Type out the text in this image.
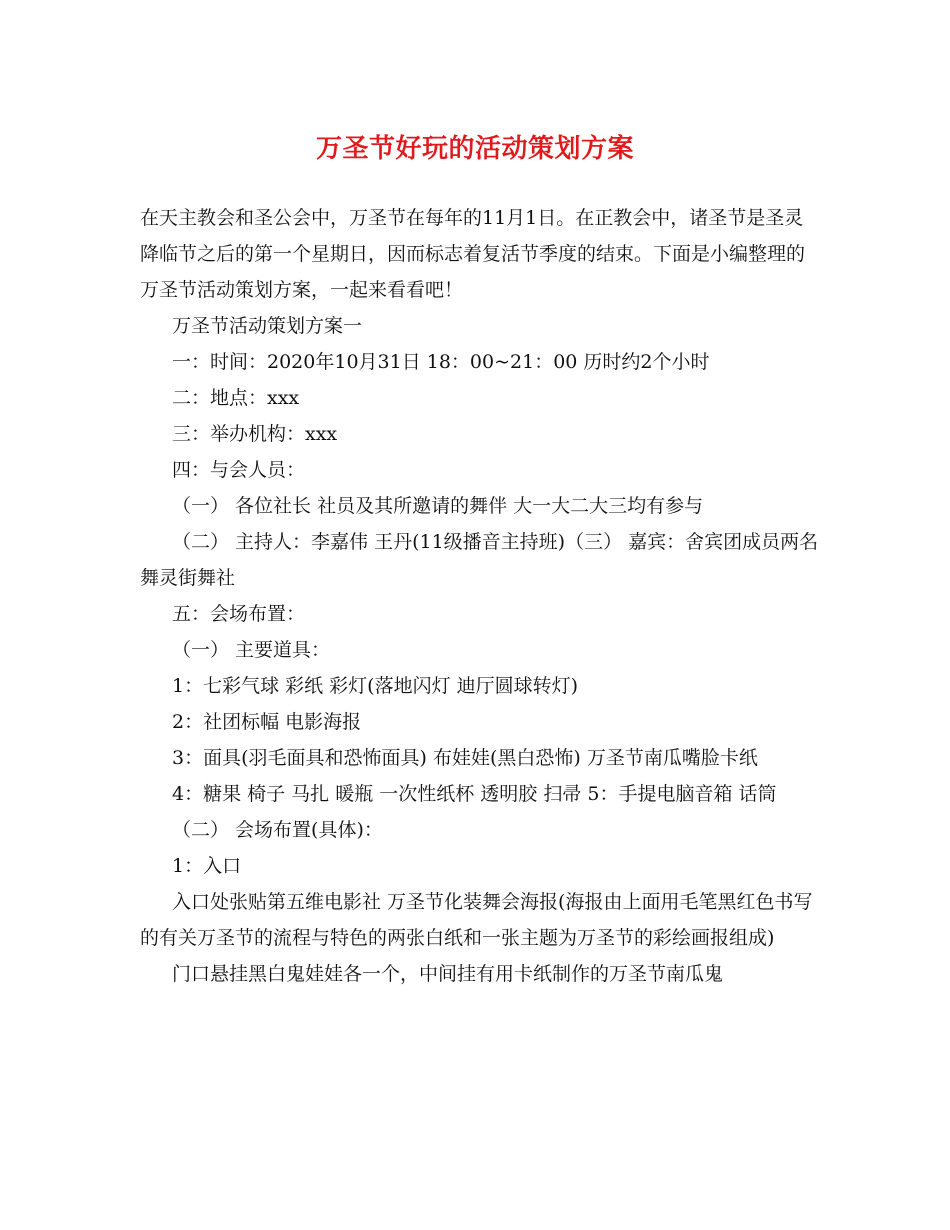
万圣节好玩的活动策划方案

在天主教会和圣公会中，万圣节在每年的11月1日。在正教会中，诸圣节是圣灵降临节之后的第一个星期日，因而标志着复活节季度的结束。下面是小编整理的万圣节活动策划方案，一起来看看吧！

万圣节活动策划方案一

一：时间：2020年10月31日 18：00~21：00 历时约2个小时

二：地点：xxx

三：举办机构：xxx

四：与会人员：

（一） 各位社长 社员及其所邀请的舞伴 大一大二大三均有参与

（二） 主持人：李嘉伟 王丹(11级播音主持班)（三） 嘉宾：舍宾团成员两名 舞灵街舞社

五：会场布置：

（一） 主要道具：

1：七彩气球 彩纸 彩灯(落地闪灯 迪厅圆球转灯)

2：社团标幅 电影海报

3：面具(羽毛面具和恐怖面具) 布娃娃(黑白恐怖) 万圣节南瓜嘴脸卡纸

4：糖果 椅子 马扎 暖瓶 一次性纸杯 透明胶 扫帚 5：手提电脑音箱 话筒

（二） 会场布置(具体)：

1：入口

入口处张贴第五维电影社 万圣节化装舞会海报(海报由上面用毛笔黑红色书写的有关万圣节的流程与特色的两张白纸和一张主题为万圣节的彩绘画报组成)

门口悬挂黑白鬼娃娃各一个，中间挂有用卡纸制作的万圣节南瓜鬼
